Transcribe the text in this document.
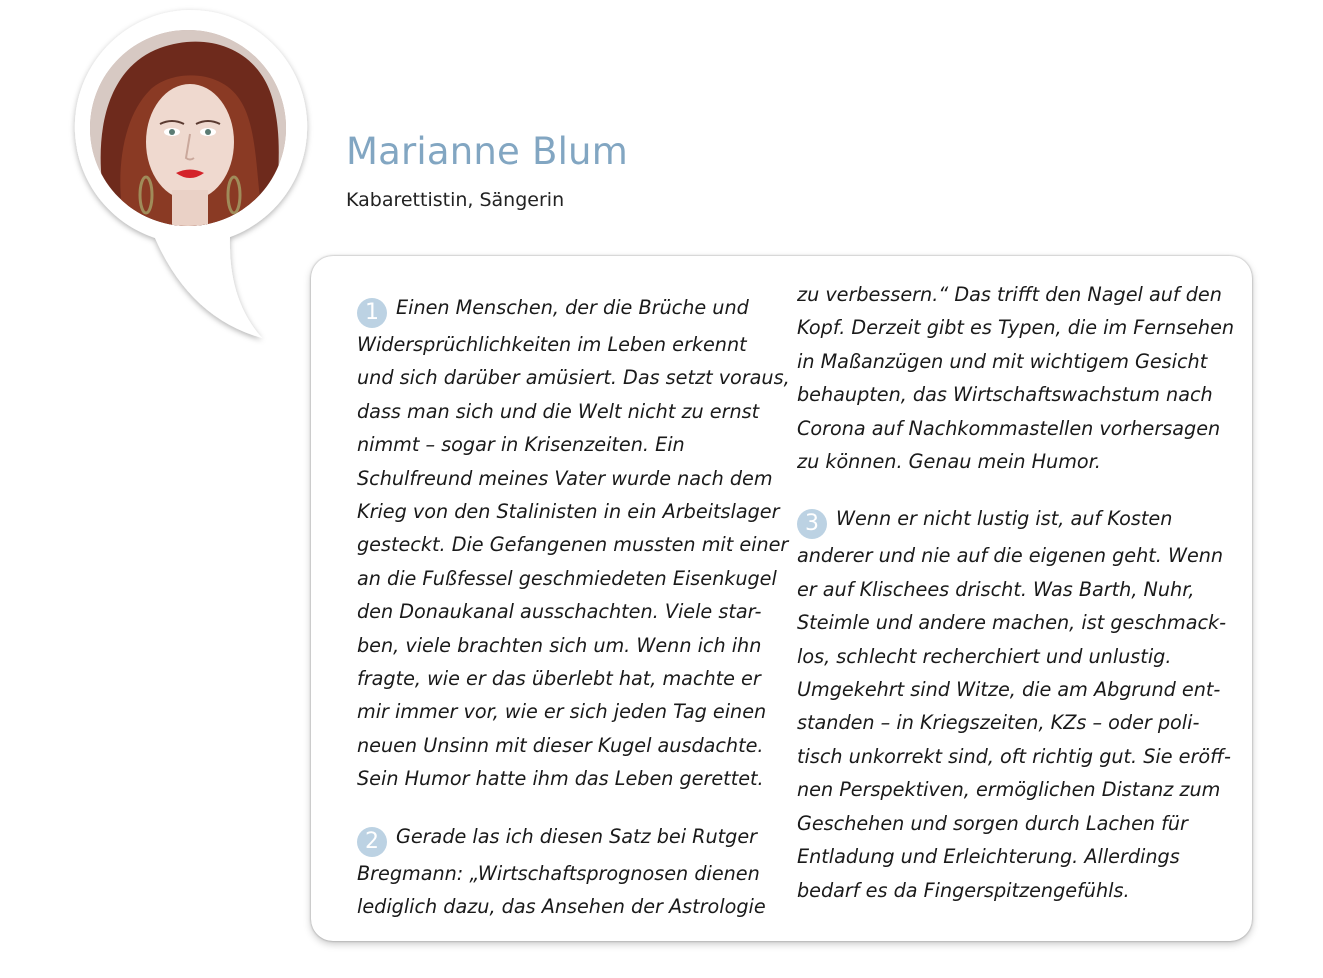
Marianne Blum
Kabarettistin, Sängerin
1 Einen Menschen, der die Brüche und
Widersprüchlichkeiten im Leben erkennt
und sich darüber amüsiert. Das setzt voraus,
dass man sich und die Welt nicht zu ernst
nimmt – sogar in Krisenzeiten. Ein
Schulfreund meines Vater wurde nach dem
Krieg von den Stalinisten in ein Arbeitslager
gesteckt. Die Gefangenen mussten mit einer
an die Fußfessel geschmiedeten Eisenkugel
den Donaukanal ausschachten. Viele star-
ben, viele brachten sich um. Wenn ich ihn
fragte, wie er das überlebt hat, machte er
mir immer vor, wie er sich jeden Tag einen
neuen Unsinn mit dieser Kugel ausdachte.
Sein Humor hatte ihm das Leben gerettet.
2 Gerade las ich diesen Satz bei Rutger
Bregmann: „Wirtschaftsprognosen dienen
lediglich dazu, das Ansehen der Astrologie
zu verbessern.“ Das trifft den Nagel auf den
Kopf. Derzeit gibt es Typen, die im Fernsehen
in Maßanzügen und mit wichtigem Gesicht
behaupten, das Wirtschaftswachstum nach
Corona auf Nachkommastellen vorhersagen
zu können. Genau mein Humor.
3 Wenn er nicht lustig ist, auf Kosten
anderer und nie auf die eigenen geht. Wenn
er auf Klischees drischt. Was Barth, Nuhr,
Steimle und andere machen, ist geschmack-
los, schlecht recherchiert und unlustig.
Umgekehrt sind Witze, die am Abgrund ent-
standen – in Kriegszeiten, KZs – oder poli-
tisch unkorrekt sind, oft richtig gut. Sie eröff-
nen Perspektiven, ermöglichen Distanz zum
Geschehen und sorgen durch Lachen für
Entladung und Erleichterung. Allerdings
bedarf es da Fingerspitzengefühls.
